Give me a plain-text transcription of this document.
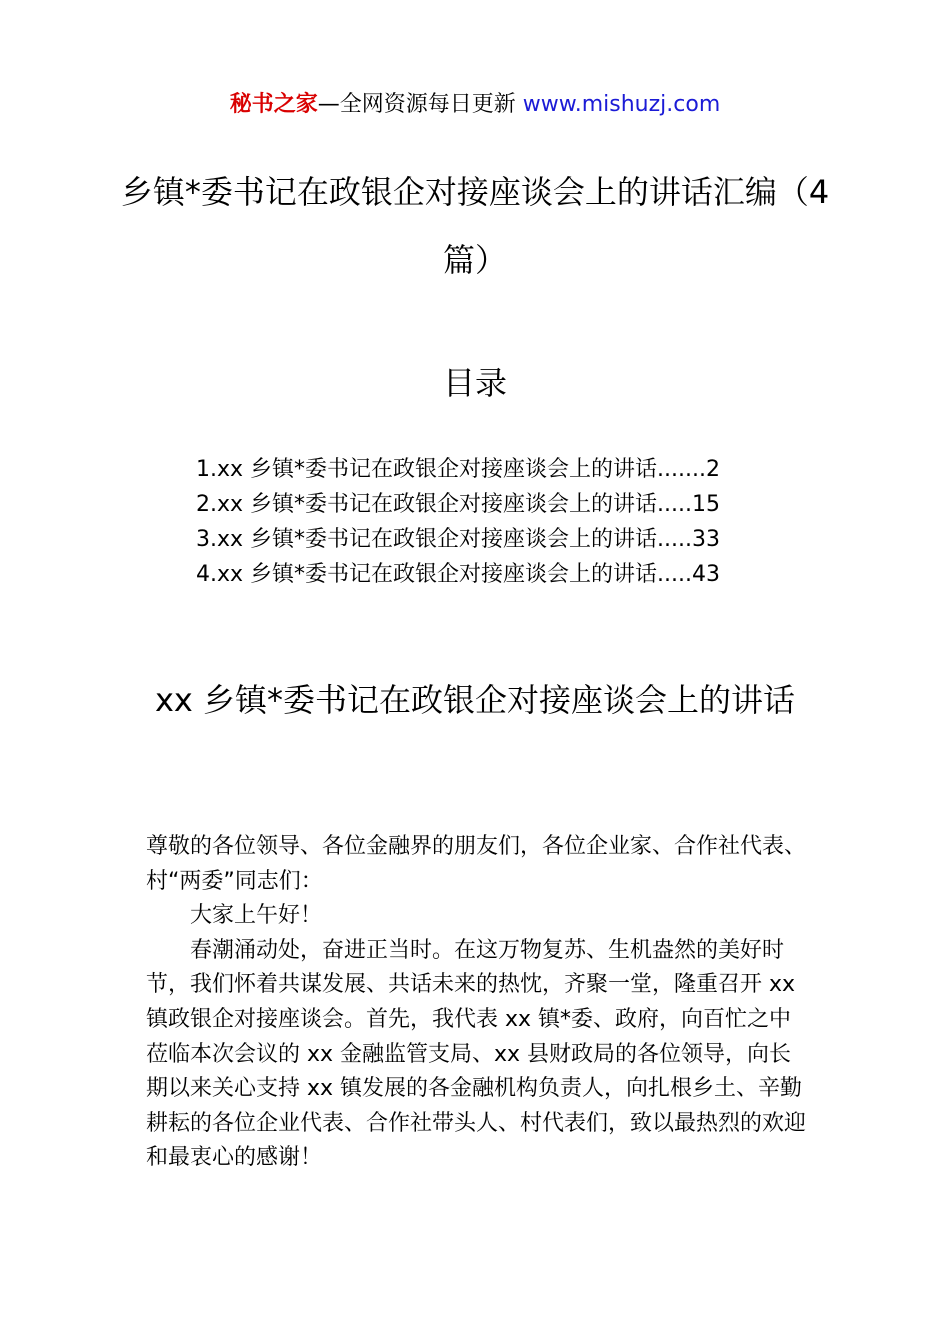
秘书之家—全网资源每日更新 www.mishuzj.com
乡镇*委书记在政银企对接座谈会上的讲话汇编（4篇）
目录
1. xx 乡镇*委书记在政银企对接座谈会上的讲话 ....... 2
2. xx 乡镇*委书记在政银企对接座谈会上的讲话 ..... 15
3. xx 乡镇*委书记在政银企对接座谈会上的讲话 ..... 33
4. xx 乡镇*委书记在政银企对接座谈会上的讲话 ..... 43
xx 乡镇*委书记在政银企对接座谈会上的讲话

尊敬的各位领导、各位金融界的朋友们，各位企业家、合作社代表、村“两委”同志们：

大家上午好！

春潮涌动处，奋进正当时。在这万物复苏、生机盎然的美好时节，我们怀着共谋发展、共话未来的热忱，齐聚一堂，隆重召开 xx 镇政银企对接座谈会。首先，我代表 xx 镇*委、政府，向百忙之中莅临本次会议的 xx 金融监管支局、xx 县财政局的各位领导，向长期以来关心支持 xx 镇发展的各金融机构负责人，向扎根乡土、辛勤耕耘的各位企业代表、合作社带头人、村代表们，致以最热烈的欢迎和最衷心的感谢！
